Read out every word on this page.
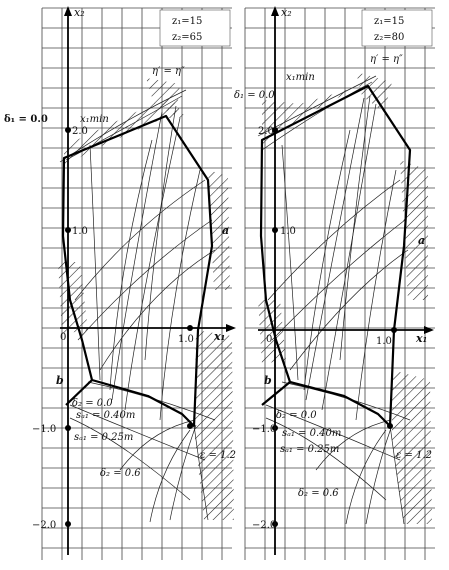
z₁=15
z₂=65
x₂
x₁
η′ = η″
x₁min
δ₁ = 0.0
δ₂ = 0.0
sₐ₁ = 0.40m
sₐ₁ = 0.25m
δ₂ = 0.6
ε = 1.2
a
b
2.0
1.0
0	1.0
−1.0
−2.0
z₁=15
z₂=80
x₂
x₁
η′ = η″
x₁min
δ₁ = 0.0
δ₂ = 0.0
sₐ₁ = 0.40m
sₐ₁ = 0.25m
δ₂ = 0.6
ε = 1.2
a
b
2.0
1.0
0	1.0
−1.0
−2.0
